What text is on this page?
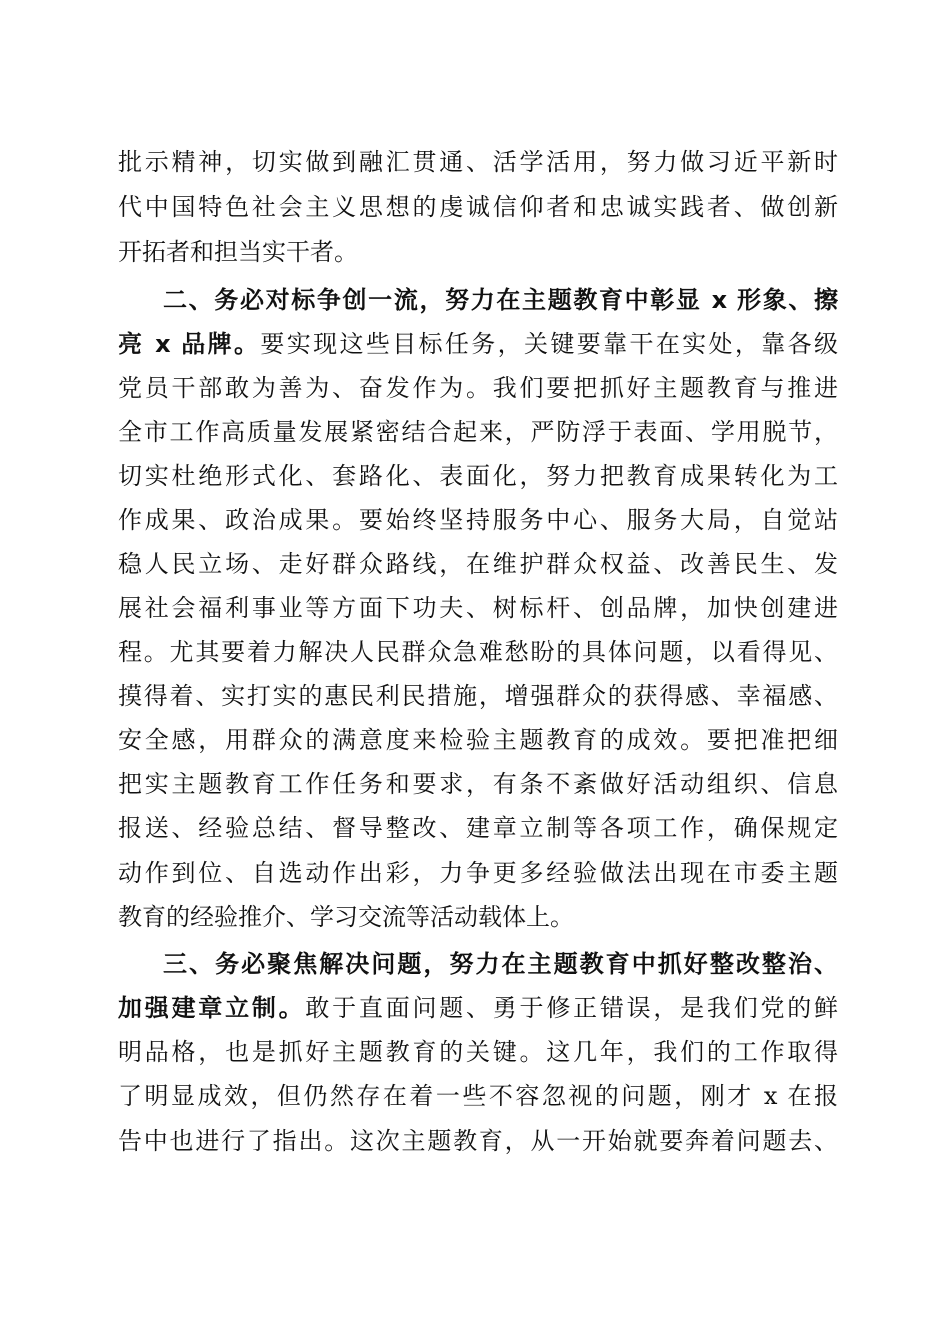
批示精神，切实做到融汇贯通、活学活用，努力做习近平新时
代中国特色社会主义思想的虔诚信仰者和忠诚实践者、做创新
开拓者和担当实干者。
二、务必对标争创一流，努力在主题教育中彰显 x 形象、擦
亮 x 品牌。要实现这些目标任务，关键要靠干在实处，靠各级
党员干部敢为善为、奋发作为。我们要把抓好主题教育与推进
全市工作高质量发展紧密结合起来，严防浮于表面、学用脱节，
切实杜绝形式化、套路化、表面化，努力把教育成果转化为工
作成果、政治成果。要始终坚持服务中心、服务大局，自觉站
稳人民立场、走好群众路线，在维护群众权益、改善民生、发
展社会福利事业等方面下功夫、树标杆、创品牌，加快创建进
程。尤其要着力解决人民群众急难愁盼的具体问题，以看得见、
摸得着、实打实的惠民利民措施，增强群众的获得感、幸福感、
安全感，用群众的满意度来检验主题教育的成效。要把准把细
把实主题教育工作任务和要求，有条不紊做好活动组织、信息
报送、经验总结、督导整改、建章立制等各项工作，确保规定
动作到位、自选动作出彩，力争更多经验做法出现在市委主题
教育的经验推介、学习交流等活动载体上。
三、务必聚焦解决问题，努力在主题教育中抓好整改整治、
加强建章立制。敢于直面问题、勇于修正错误，是我们党的鲜
明品格，也是抓好主题教育的关键。这几年，我们的工作取得
了明显成效，但仍然存在着一些不容忽视的问题，刚才 x 在报
告中也进行了指出。这次主题教育，从一开始就要奔着问题去、
